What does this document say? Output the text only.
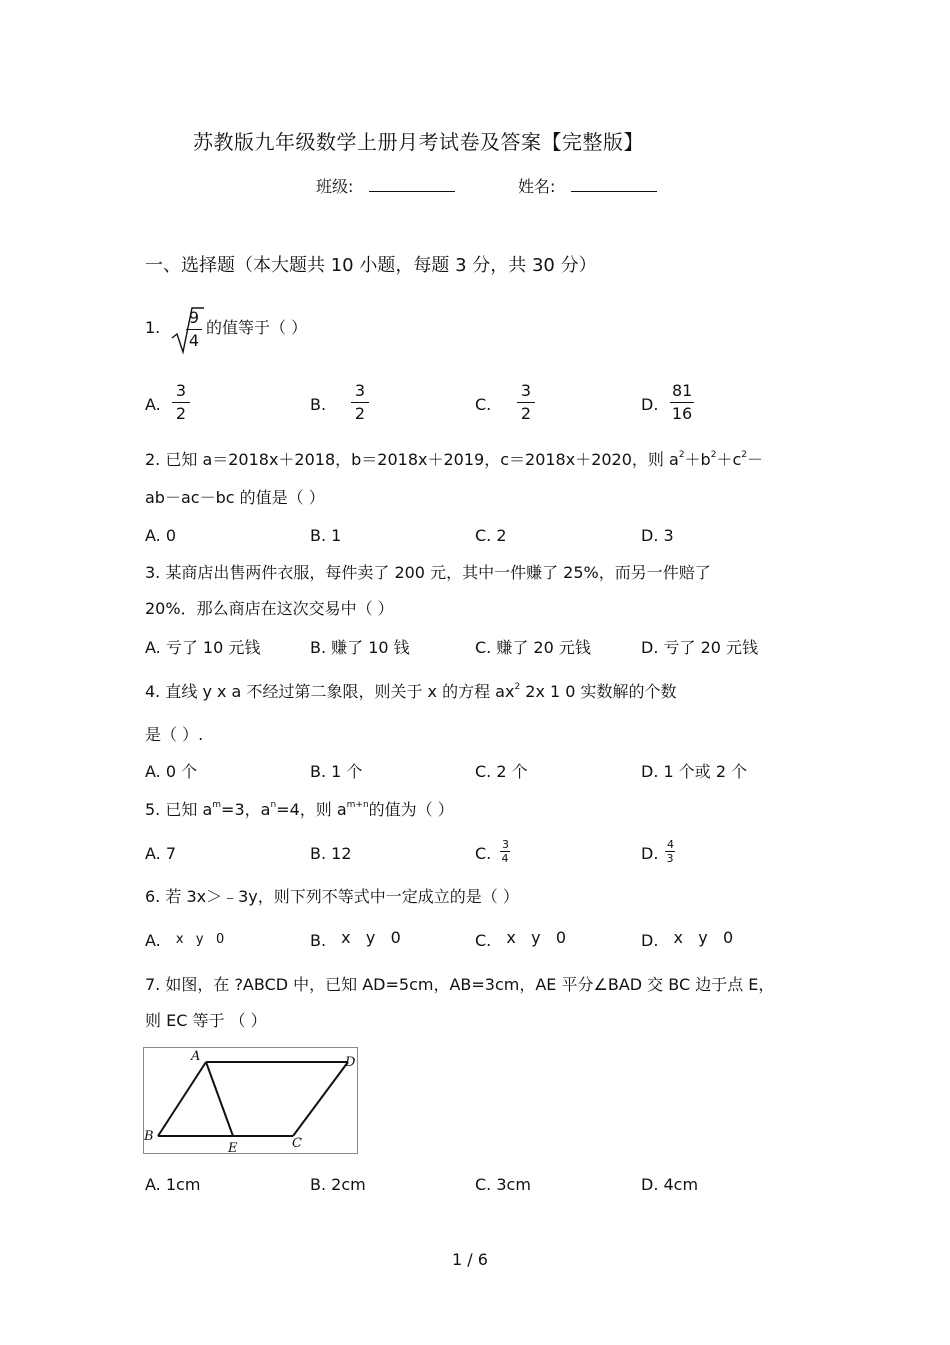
苏教版九年级数学上册月考试卷及答案【完整版】
班级:	姓名:
一、选择题（本大题共 10 小题，每题 3 分，共 30 分）
1.
9
4
的值等于（ ）
A.
3
2	B.
3
2	C.
3
2	D.
81
16
2. 已知 a＝2018x＋2018，b＝2018x＋2019，c＝2018x＋2020，则 $a^2+b^2+c^2-$
ab－ac－bc 的值是（ ）
A. 0	B. 1	C. 2	D. 3
3. 某商店出售两件衣服，每件卖了 200 元，其中一件赚了 25%，而另一件赔了
20%．那么商店在这次交易中（ ）
A. 亏了 10 元钱	B. 赚了 10 钱	C. 赚了 20 元钱	D. 亏了 20 元钱
4. 直线 y x a 不经过第二象限，则关于 x 的方程 $ax^2$ 2x 1 0 实数解的个数
是（ ）.
A. 0 个	B. 1 个	C. 2 个	D. 1 个或 2 个
5. 已知 $a^m=3$，$a^n=4$，则 $a^{m+n}$的值为（ ）
A. 7	B. 12	C. 3
4	D. 4
3
6. 若 3x＞﹣3y，则下列不等式中一定成立的是（ ）
A. x   y   0	B. x   y   0	C. x   y   0	D. x   y   0
7. 如图，在 ?ABCD 中，已知 AD=5cm，AB=3cm，AE 平分∠BAD 交 BC 边于点 E，
则 EC 等于 （ ）
A	D
B
E	C
A. 1cm	B. 2cm	C. 3cm	D. 4cm
1 / 6
